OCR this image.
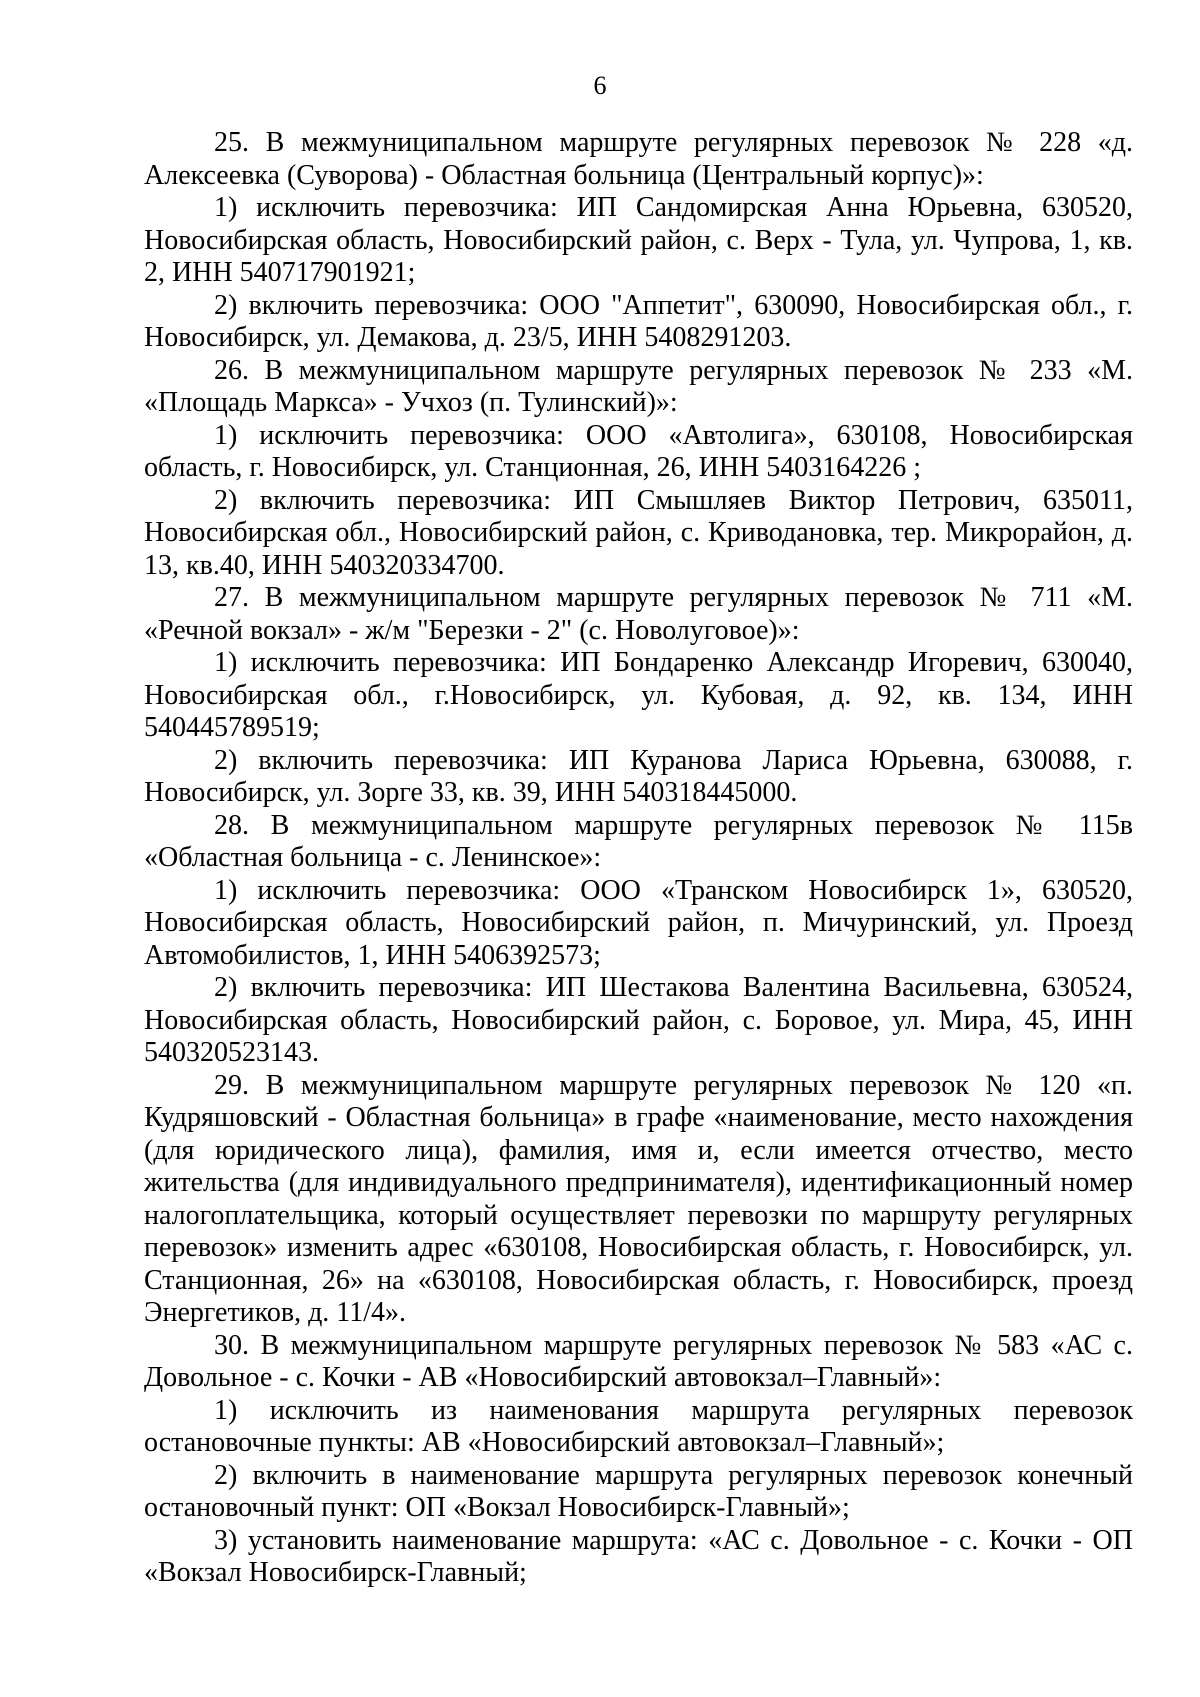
6

25. В межмуниципальном маршруте регулярных перевозок № 228 «д. Алексеевка (Суворова) - Областная больница (Центральный корпус)»:

1) исключить перевозчика: ИП Сандомирская Анна Юрьевна, 630520, Новосибирская область, Новосибирский район, с. Верх - Тула, ул. Чупрова, 1, кв. 2, ИНН 540717901921;

2) включить перевозчика: ООО "Аппетит", 630090, Новосибирская обл., г. Новосибирск, ул. Демакова, д. 23/5, ИНН 5408291203.

26. В межмуниципальном маршруте регулярных перевозок № 233 «М. «Площадь Маркса» - Учхоз (п. Тулинский)»:

1) исключить перевозчика: ООО «Автолига», 630108, Новосибирская область, г. Новосибирск, ул. Станционная, 26, ИНН 5403164226 ;

2) включить перевозчика: ИП Смышляев Виктор Петрович, 635011, Новосибирская обл., Новосибирский район, с. Криводановка, тер. Микрорайон, д. 13, кв.40, ИНН 540320334700.

27. В межмуниципальном маршруте регулярных перевозок № 711 «М. «Речной вокзал» - ж/м "Березки - 2" (с. Новолуговое)»:

1) исключить перевозчика: ИП Бондаренко Александр Игоревич, 630040, Новосибирская обл., г.Новосибирск, ул. Кубовая, д. 92, кв. 134, ИНН 540445789519;

2) включить перевозчика: ИП Куранова Лариса Юрьевна, 630088, г. Новосибирск, ул. Зорге 33, кв. 39, ИНН 540318445000.

28. В межмуниципальном маршруте регулярных перевозок № 115в «Областная больница - с. Ленинское»:

1) исключить перевозчика: ООО «Транском Новосибирск 1», 630520, Новосибирская область, Новосибирский район, п. Мичуринский, ул. Проезд Автомобилистов, 1, ИНН 5406392573;

2) включить перевозчика: ИП Шестакова Валентина Васильевна, 630524, Новосибирская область, Новосибирский район, с. Боровое, ул. Мира, 45, ИНН 540320523143.

29. В межмуниципальном маршруте регулярных перевозок № 120 «п. Кудряшовский - Областная больница» в графе «наименование, место нахождения (для юридического лица), фамилия, имя и, если имеется отчество, место жительства (для индивидуального предпринимателя), идентификационный номер налогоплательщика, который осуществляет перевозки по маршруту регулярных перевозок» изменить адрес «630108, Новосибирская область, г. Новосибирск, ул. Станционная, 26» на «630108, Новосибирская область, г. Новосибирск, проезд Энергетиков, д. 11/4».

30. В межмуниципальном маршруте регулярных перевозок № 583 «АС с. Довольное - с. Кочки - АВ «Новосибирский автовокзал–Главный»:

1) исключить из наименования маршрута регулярных перевозок остановочные пункты: АВ «Новосибирский автовокзал–Главный»;

2) включить в наименование маршрута регулярных перевозок конечный остановочный пункт: ОП «Вокзал Новосибирск-Главный»;

3) установить наименование маршрута: «АС с. Довольное - с. Кочки - ОП «Вокзал Новосибирск-Главный;
